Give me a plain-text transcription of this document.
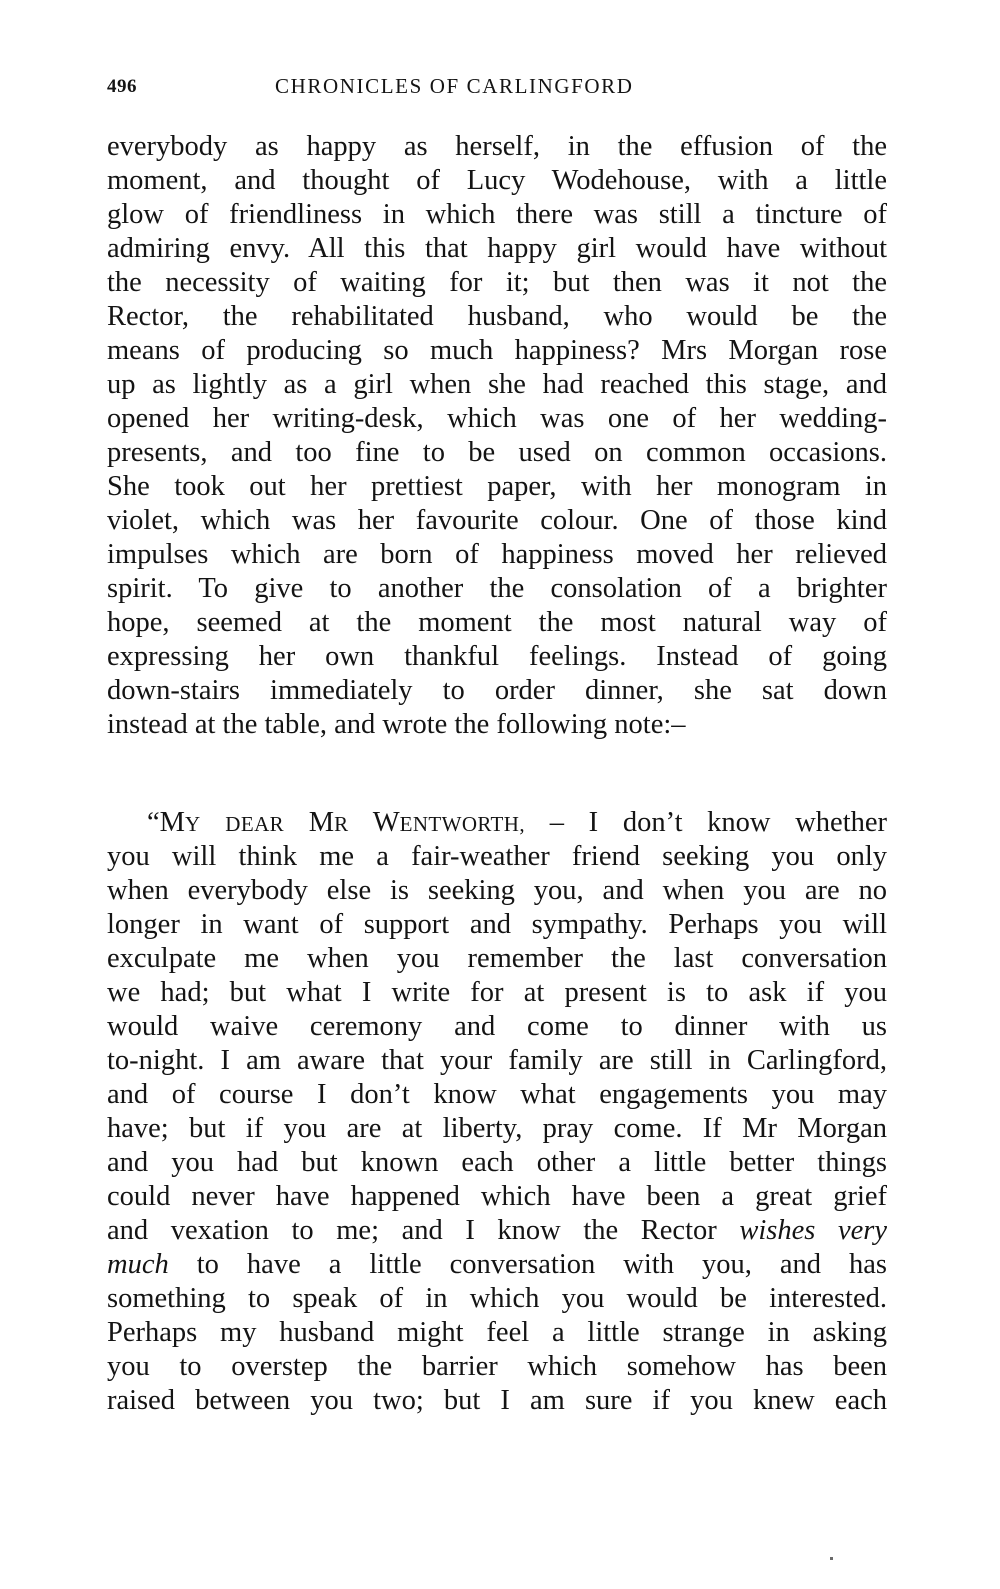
496	CHRONICLES OF CARLINGFORD
everybody as happy as herself, in the effusion of the
moment, and thought of Lucy Wodehouse, with a little
glow of friendliness in which there was still a tincture of
admiring envy. All this that happy girl would have without
the necessity of waiting for it; but then was it not the
Rector, the rehabilitated husband, who would be the
means of producing so much happiness? Mrs Morgan rose
up as lightly as a girl when she had reached this stage, and
opened her writing-desk, which was one of her wedding-
presents, and too fine to be used on common occasions.
She took out her prettiest paper, with her monogram in
violet, which was her favourite colour. One of those kind
impulses which are born of happiness moved her relieved
spirit. To give to another the consolation of a brighter
hope, seemed at the moment the most natural way of
expressing her own thankful feelings. Instead of going
down-stairs immediately to order dinner, she sat down
instead at the table, and wrote the following note:–
“MY DEAR MR WENTWORTH, – I don’t know whether
you will think me a fair-weather friend seeking you only
when everybody else is seeking you, and when you are no
longer in want of support and sympathy. Perhaps you will
exculpate me when you remember the last conversation
we had; but what I write for at present is to ask if you
would waive ceremony and come to dinner with us
to-night. I am aware that your family are still in Carlingford,
and of course I don’t know what engagements you may
have; but if you are at liberty, pray come. If Mr Morgan
and you had but known each other a little better things
could never have happened which have been a great grief
and vexation to me; and I know the Rector wishes very
much to have a little conversation with you, and has
something to speak of in which you would be interested.
Perhaps my husband might feel a little strange in asking
you to overstep the barrier which somehow has been
raised between you two; but I am sure if you knew each
